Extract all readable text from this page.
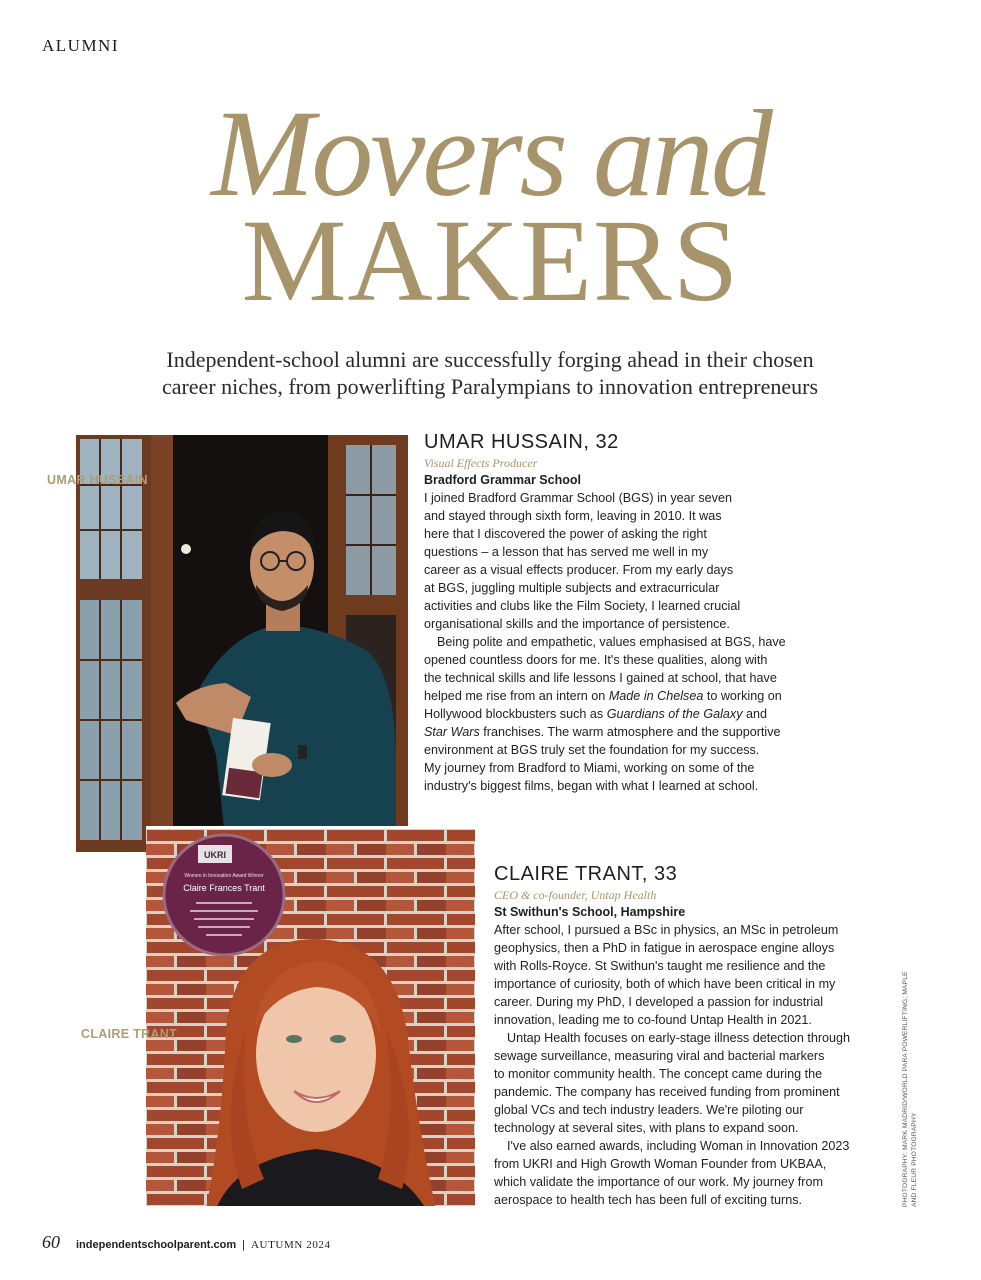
ALUMNI
Movers and
MAKERS
Independent-school alumni are successfully forging ahead in their chosen
career niches, from powerlifting Paralympians to innovation entrepreneurs
UKRI
Women in Innovation Award Winner
Claire Frances Trant
UMAR HUSSAIN
CLAIRE TRANT
UMAR HUSSAIN, 32
Visual Effects Producer
Bradford Grammar School
I joined Bradford Grammar School (BGS) in year seven
and stayed through sixth form, leaving in 2010. It was
here that I discovered the power of asking the right
questions – a lesson that has served me well in my
career as a visual effects producer. From my early days
at BGS, juggling multiple subjects and extracurricular
activities and clubs like the Film Society, I learned crucial
organisational skills and the importance of persistence.
Being polite and empathetic, values emphasised at BGS, have
opened countless doors for me. It's these qualities, along with
the technical skills and life lessons I gained at school, that have
helped me rise from an intern on Made in Chelsea to working on
Hollywood blockbusters such as Guardians of the Galaxy and
Star Wars franchises. The warm atmosphere and the supportive
environment at BGS truly set the foundation for my success.
My journey from Bradford to Miami, working on some of the
industry's biggest films, began with what I learned at school.
CLAIRE TRANT, 33
CEO & co-founder, Untap Health
St Swithun's School, Hampshire
After school, I pursued a BSc in physics, an MSc in petroleum
geophysics, then a PhD in fatigue in aerospace engine alloys
with Rolls-Royce. St Swithun's taught me resilience and the
importance of curiosity, both of which have been critical in my
career. During my PhD, I developed a passion for industrial
innovation, leading me to co-found Untap Health in 2021.
Untap Health focuses on early-stage illness detection through
sewage surveillance, measuring viral and bacterial markers
to monitor community health. The concept came during the
pandemic. The company has received funding from prominent
global VCs and tech industry leaders. We're piloting our
technology at several sites, with plans to expand soon.
I've also earned awards, including Woman in Innovation 2023
from UKRI and High Growth Woman Founder from UKBAA,
which validate the importance of our work. My journey from
aerospace to health tech has been full of exciting turns.	PHOTOGRAPHY: MARK MADRID/WORLD PARA POWERLIFTING; MAPLE AND FLEUR PHOTOGRAPHY
60 independentschoolparent.com | AUTUMN 2024
